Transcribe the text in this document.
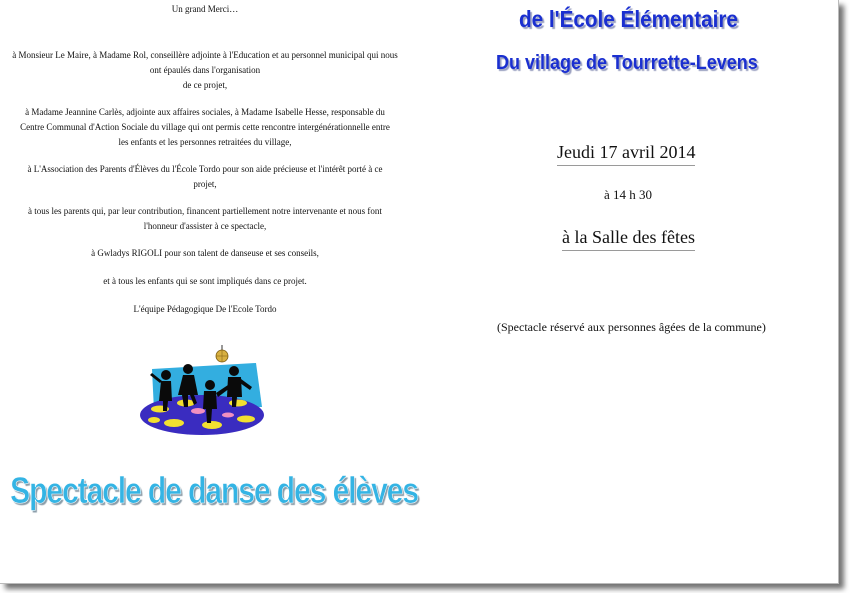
Un grand Merci…

à Monsieur Le Maire, à Madame Rol, conseillère adjointe à l'Education et au personnel municipal qui nous ont épaulés dans l'organisation

de ce projet,

à Madame Jeannine Carlès, adjointe aux affaires sociales, à Madame Isabelle Hesse, responsable du Centre Communal d'Action Sociale du village qui ont permis cette rencontre intergénérationnelle entre les enfants et les personnes retraitées du village,

à L'Association des Parents d'Élèves du l'École Tordo pour son aide précieuse et l'intérêt porté à ce projet,

à tous les parents qui, par leur contribution, financent partiellement notre intervenante et nous font l'honneur d'assister à ce spectacle,

à Gwladys RIGOLI pour son talent de danseuse et ses conseils,

et à tous les enfants qui se sont impliqués dans ce projet.

L'équipe Pédagogique De l'Ecole Tordo

Spectacle de danse des élèves
de l'École Élémentaire
Du village de Tourrette-Levens
Jeudi 17 avril 2014
à 14 h 30
à la Salle des fêtes
(Spectacle réservé aux personnes âgées de la commune)
